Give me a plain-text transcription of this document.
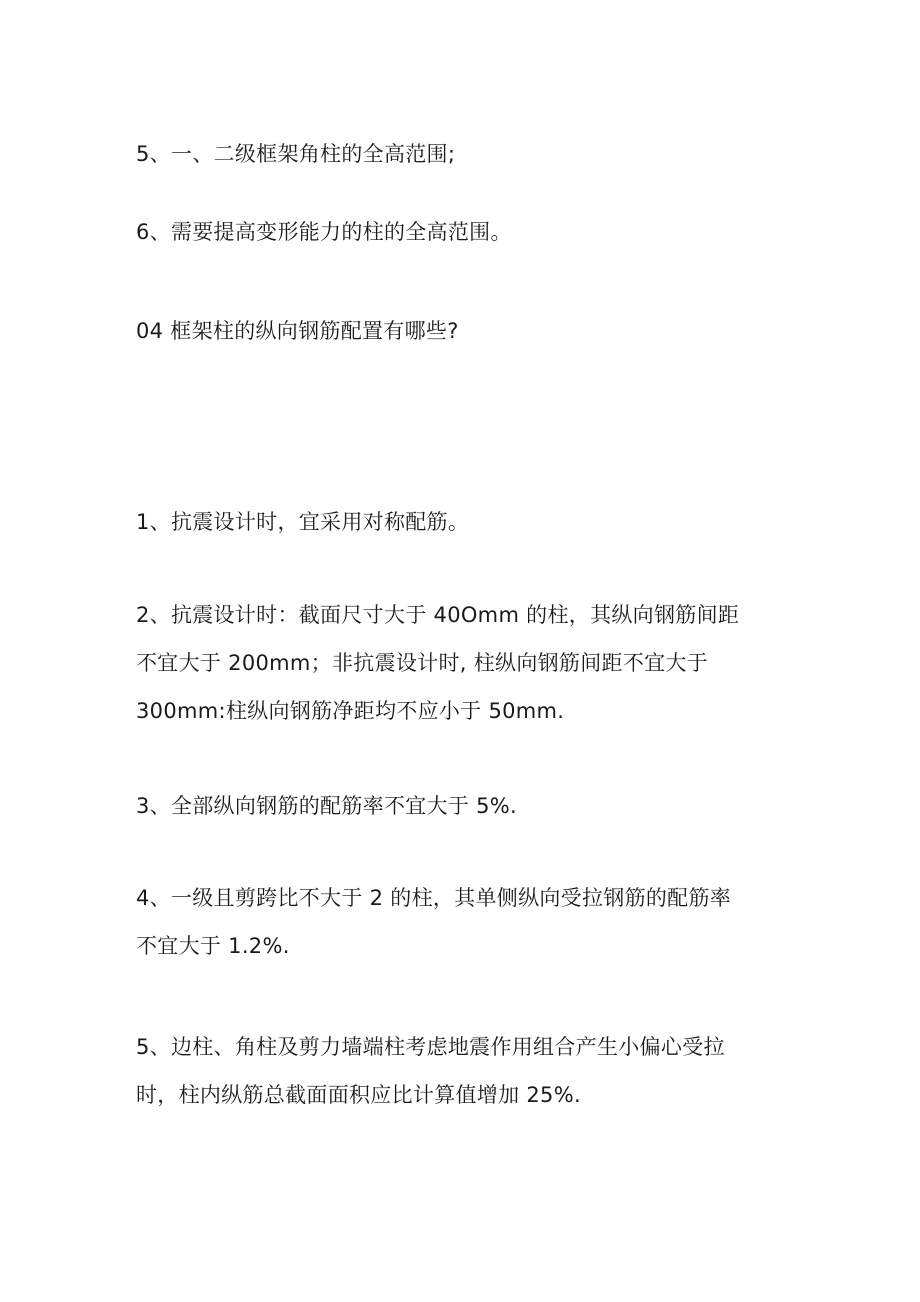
5、一、二级框架角柱的全高范围;

6、需要提高变形能力的柱的全高范围。

04 框架柱的纵向钢筋配置有哪些?

1、抗震设计时，宜采用对称配筋。

2、抗震设计时：截面尺寸大于 40Omm 的柱，其纵向钢筋间距
不宜大于 200mm；非抗震设计时, 柱纵向钢筋间距不宜大于
300mm:柱纵向钢筋净距均不应小于 50mm.

3、全部纵向钢筋的配筋率不宜大于 5%.

4、一级且剪跨比不大于 2 的柱，其单侧纵向受拉钢筋的配筋率
不宜大于 1.2%.

5、边柱、角柱及剪力墙端柱考虑地震作用组合产生小偏心受拉
时，柱内纵筋总截面面积应比计算值增加 25%.
